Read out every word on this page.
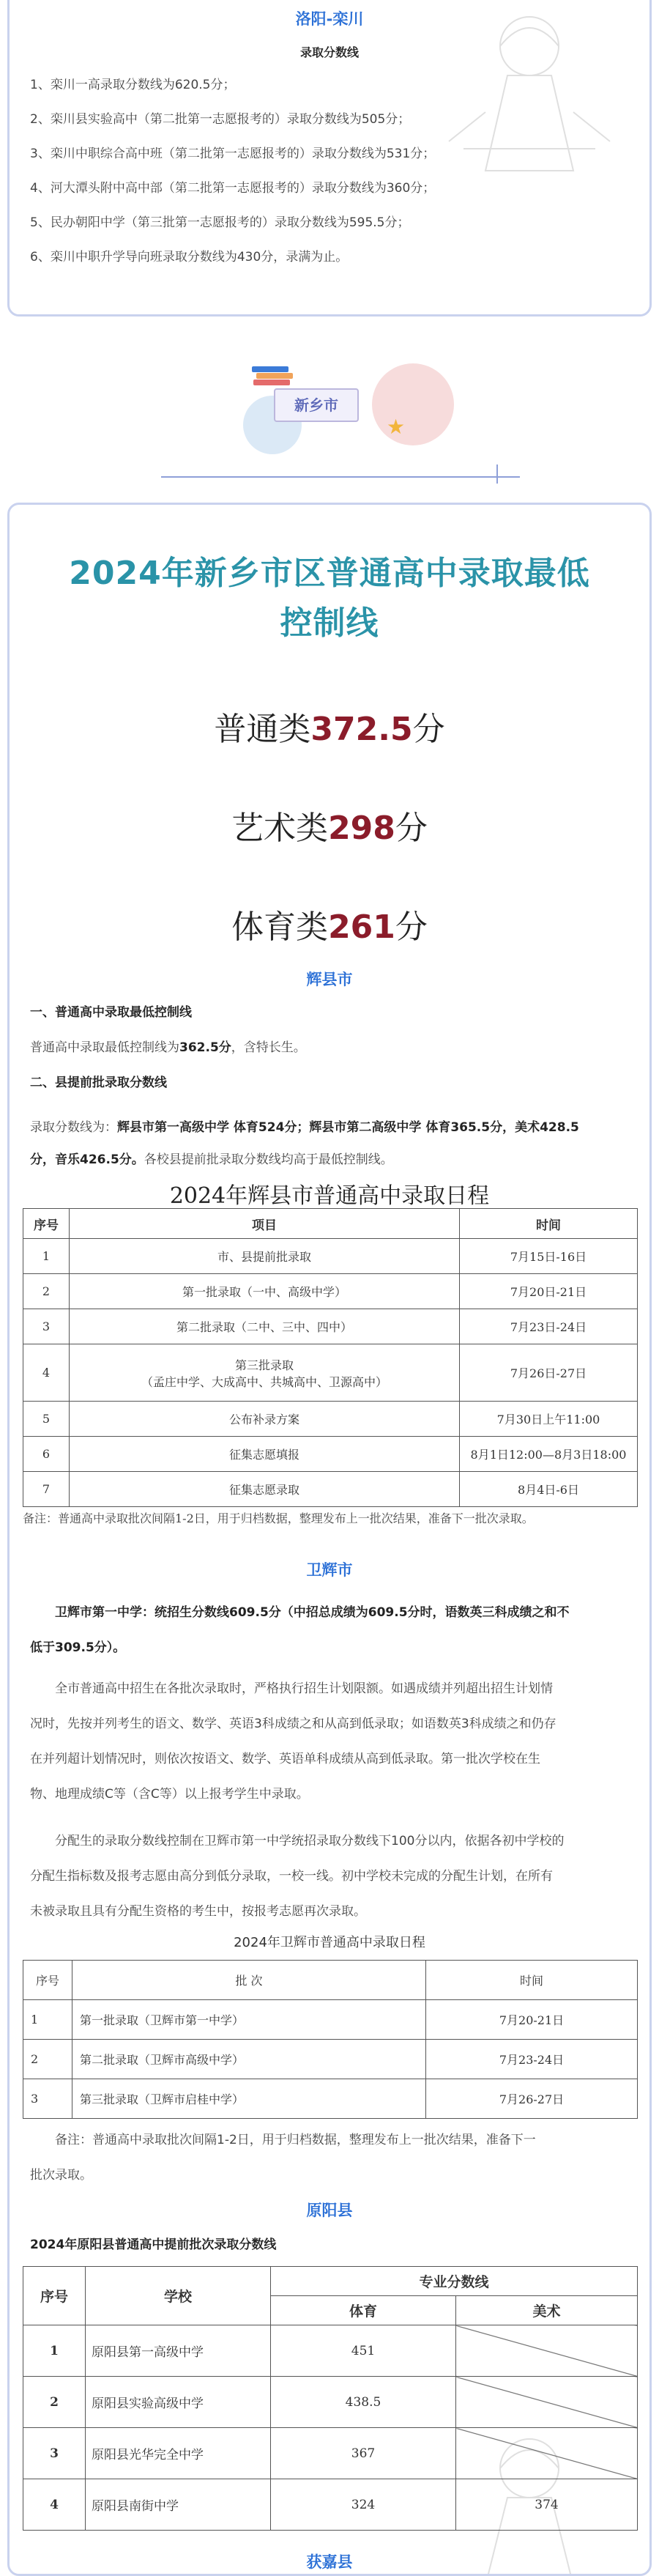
洛阳-栾川
录取分数线
1、栾川一高录取分数线为620.5分；
2、栾川县实验高中（第二批第一志愿报考的）录取分数线为505分；
3、栾川中职综合高中班（第二批第一志愿报考的）录取分数线为531分；
4、河大潭头附中高中部（第二批第一志愿报考的）录取分数线为360分；
5、民办朝阳中学（第三批第一志愿报考的）录取分数线为595.5分；
6、栾川中职升学导向班录取分数线为430分，录满为止。
新乡市
★
2024年新乡市区普通高中录取最低
控制线
普通类372.5分
艺术类298分
体育类261分
辉县市
一、普通高中录取最低控制线
普通高中录取最低控制线为362.5分，含特长生。
二、县提前批录取分数线
录取分数线为：辉县市第一高级中学 体育524分；辉县市第二高级中学 体育365.5分，美术428.5
分，音乐426.5分。各校县提前批录取分数线均高于最低控制线。
2024年辉县市普通高中录取日程
序号	项目	时间
1	市、县提前批录取	7月15日-16日
2	第一批录取（一中、高级中学）	7月20日-21日
3	第二批录取（二中、三中、四中）	7月23日-24日
4	第三批录取
（孟庄中学、大成高中、共城高中、卫源高中）	7月26日-27日
5	公布补录方案	7月30日上午11:00
6	征集志愿填报	8月1日12:00—8月3日18:00
7	征集志愿录取	8月4日-6日
备注：普通高中录取批次间隔1-2日，用于归档数据，整理发布上一批次结果，准备下一批次录取。
卫辉市
卫辉市第一中学：统招生分数线609.5分（中招总成绩为609.5分时，语数英三科成绩之和不
低于309.5分）。
全市普通高中招生在各批次录取时，严格执行招生计划限额。如遇成绩并列超出招生计划情
况时，先按并列考生的语文、数学、英语3科成绩之和从高到低录取；如语数英3科成绩之和仍存
在并列超计划情况时，则依次按语文、数学、英语单科成绩从高到低录取。第一批次学校在生
物、地理成绩C等（含C等）以上报考学生中录取。
分配生的录取分数线控制在卫辉市第一中学统招录取分数线下100分以内，依据各初中学校的
分配生指标数及报考志愿由高分到低分录取，一校一线。初中学校未完成的分配生计划，在所有
未被录取且具有分配生资格的考生中，按报考志愿再次录取。
2024年卫辉市普通高中录取日程
序号	批 次	时间
1	第一批录取（卫辉市第一中学）	7月20-21日
2	第二批录取（卫辉市高级中学）	7月23-24日
3	第三批录取（卫辉市启桂中学）	7月26-27日
备注：普通高中录取批次间隔1-2日，用于归档数据，整理发布上一批次结果，准备下一
批次录取。
原阳县
2024年原阳县普通高中提前批次录取分数线
序号	学校	专业分数线	
		体育	美术
1	原阳县第一高级中学	451	
2	原阳县实验高级中学	438.5	
3	原阳县光华完全中学	367	
4	原阳县南街中学	324	374
获嘉县
